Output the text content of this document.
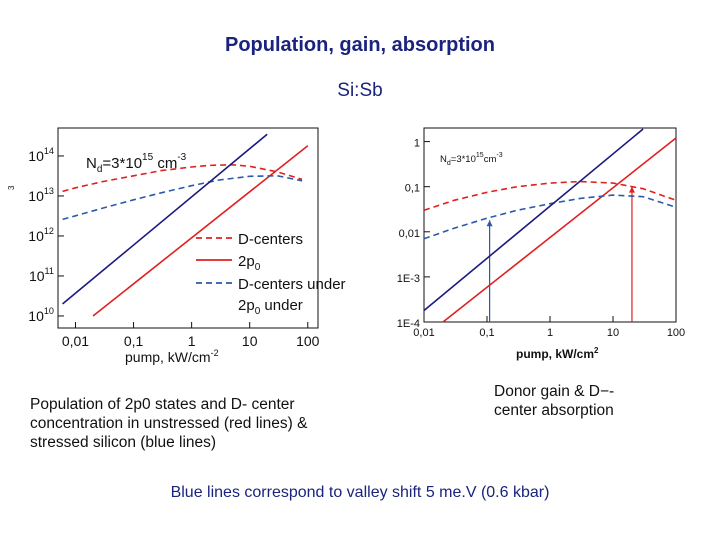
Population, gain, absorption
Si:Sb
0,01 0,1	1	10	100
$10^{10}$
$10^{11}$
$10^{12}$
$10^{13}$
$10^{14}$
$N_d=3*10^{15}$ $cm^{-3}$
D-centers
$2p_0$
D-centers under
$2p_0$ under
pump, $kW/cm^{-2}$
3
0,01	0,1	1	10	100
1
0,1
0,01
1E-3
1E-4
$N_d=3*10^{15}cm^{-3}$
pump, $kW/cm^2$
Population of 2p0 states and D- center concentration in unstressed (red lines) & stressed silicon (blue lines)
Donor gain & D−-center absorption
Blue lines correspond to valley shift 5 me.V (0.6 kbar)
